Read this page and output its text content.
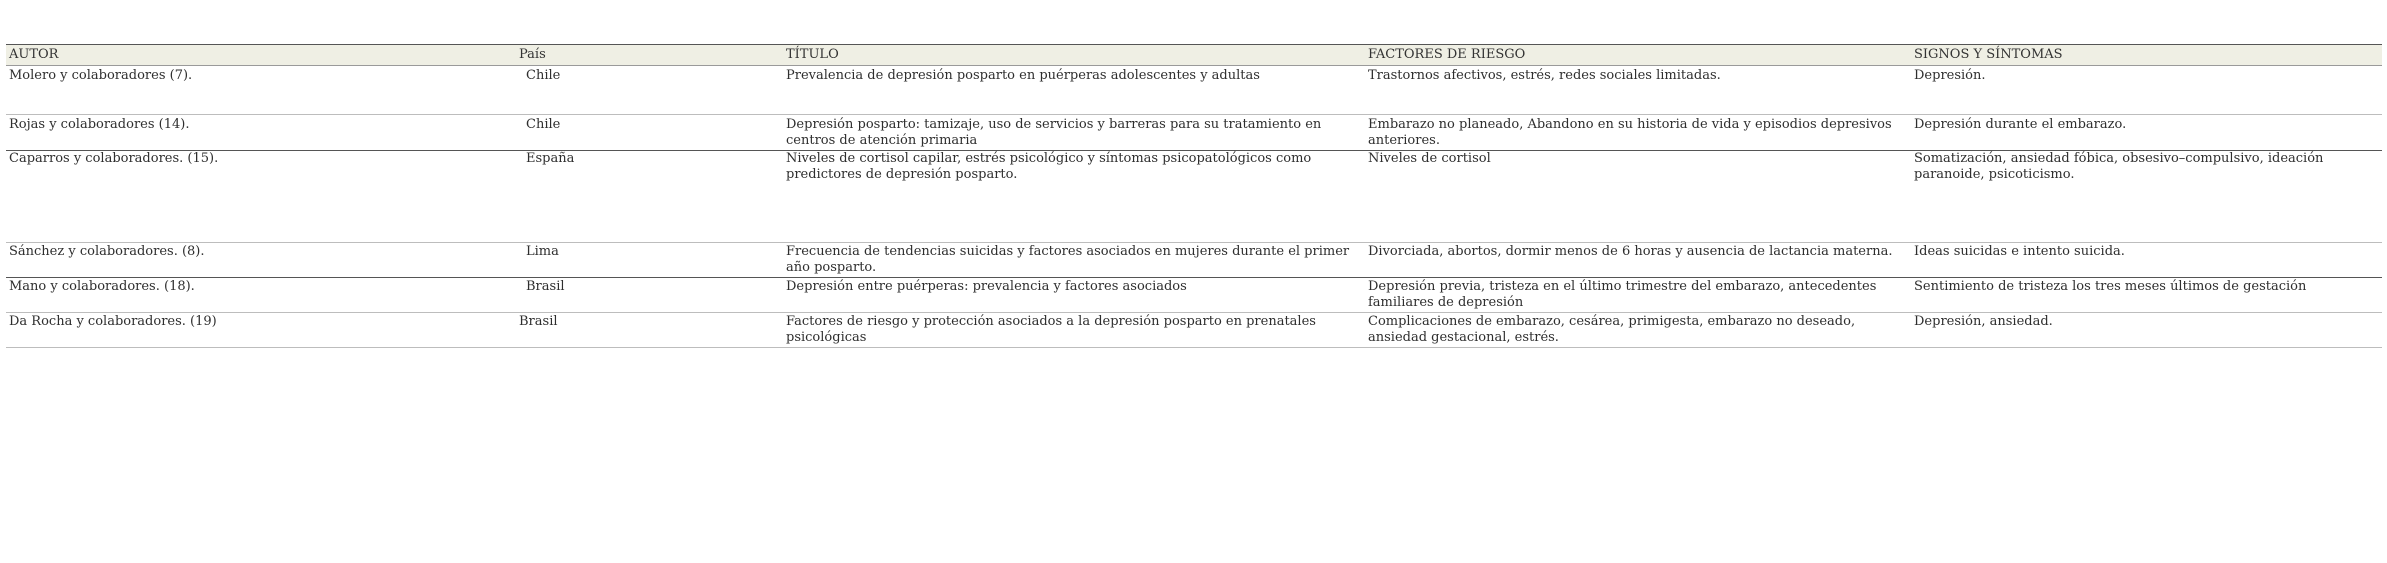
AUTOR	País	TÍTULO	FACTORES DE RIESGO	SIGNOS Y SÍNTOMAS
Molero y colaboradores (7).	Chile	Prevalencia de depresión posparto en puérperas adolescentes y adultas	Trastornos afectivos, estrés, redes sociales limitadas.	Depresión.
Rojas y colaboradores (14).	Chile	Depresión posparto: tamizaje, uso de servicios y barreras para su tratamiento en centros de atención primaria	Embarazo no planeado, Abandono en su historia de vida y episodios depresivos anteriores.	Depresión durante el embarazo.
Caparros y colaboradores. (15).	España	Niveles de cortisol capilar, estrés psicológico y síntomas psicopatológicos como predictores de depresión posparto.	Niveles de cortisol	Somatización, ansiedad fóbica, obsesivo–compulsivo, ideación paranoide, psicoticismo.
Sánchez y colaboradores. (8).	Lima	Frecuencia de tendencias suicidas y factores asociados en mujeres durante el primer año posparto.	Divorciada, abortos, dormir menos de 6 horas y ausencia de lactancia materna.	Ideas suicidas e intento suicida.
Mano y colaboradores. (18).	Brasil	Depresión entre puérperas: prevalencia y factores asociados	Depresión previa, tristeza en el último trimestre del embarazo, antecedentes familiares de depresión	Sentimiento de tristeza los tres meses últimos de gestación
Da Rocha y colaboradores. (19)	Brasil	Factores de riesgo y protección asociados a la depresión posparto en prenatales psicológicas	Complicaciones de embarazo, cesárea, primigesta, embarazo no deseado, ansiedad gestacional, estrés.	Depresión, ansiedad.
